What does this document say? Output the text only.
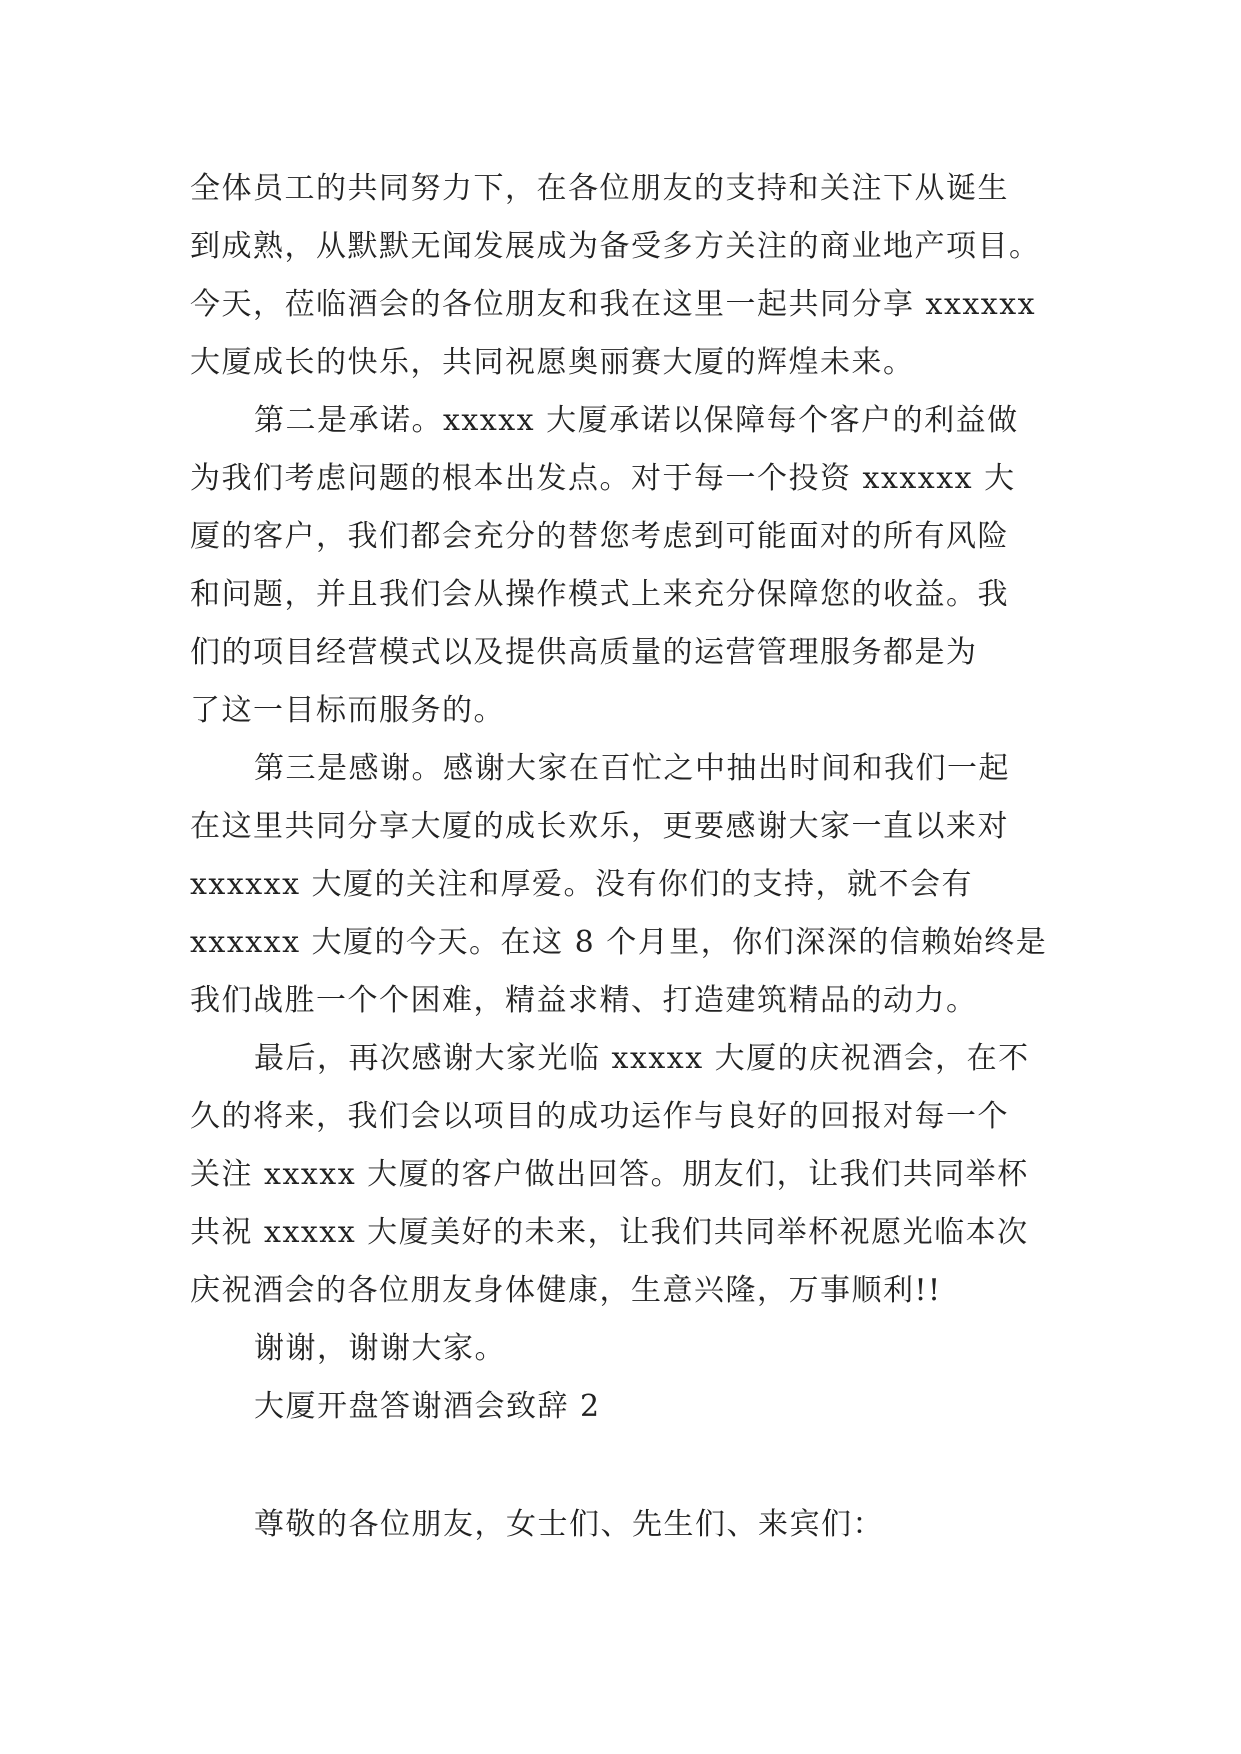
全体员工的共同努力下，在各位朋友的支持和关注下从诞生
到成熟，从默默无闻发展成为备受多方关注的商业地产项目。
今天，莅临酒会的各位朋友和我在这里一起共同分享 xxxxxx
大厦成长的快乐，共同祝愿奥丽赛大厦的辉煌未来。
第二是承诺。xxxxx 大厦承诺以保障每个客户的利益做
为我们考虑问题的根本出发点。对于每一个投资 xxxxxx 大
厦的客户，我们都会充分的替您考虑到可能面对的所有风险
和问题，并且我们会从操作模式上来充分保障您的收益。我
们的项目经营模式以及提供高质量的运营管理服务都是为
了这一目标而服务的。
第三是感谢。感谢大家在百忙之中抽出时间和我们一起
在这里共同分享大厦的成长欢乐，更要感谢大家一直以来对
xxxxxx 大厦的关注和厚爱。没有你们的支持，就不会有
xxxxxx 大厦的今天。在这 8 个月里，你们深深的信赖始终是
我们战胜一个个困难，精益求精、打造建筑精品的动力。
最后，再次感谢大家光临 xxxxx 大厦的庆祝酒会，在不
久的将来，我们会以项目的成功运作与良好的回报对每一个
关注 xxxxx 大厦的客户做出回答。朋友们，让我们共同举杯
共祝 xxxxx 大厦美好的未来，让我们共同举杯祝愿光临本次
庆祝酒会的各位朋友身体健康，生意兴隆，万事顺利!!
谢谢，谢谢大家。
大厦开盘答谢酒会致辞 2
尊敬的各位朋友，女士们、先生们、来宾们：
